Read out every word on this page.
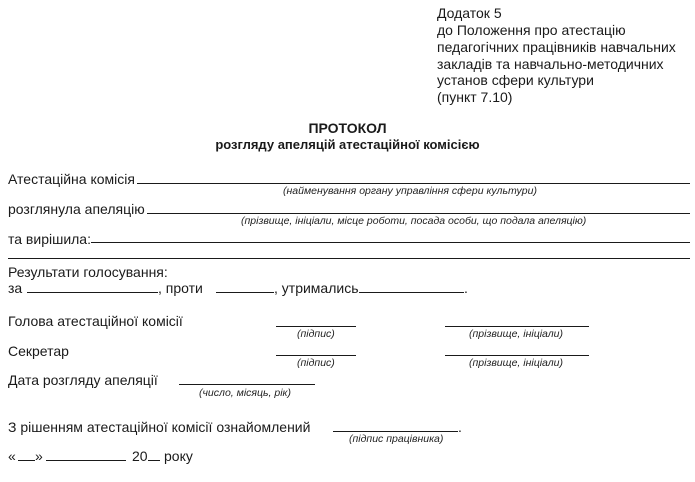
Додаток 5
до Положення про атестацію
педагогічних працівників навчальних
закладів та навчально-методичних
установ сфери культури
(пункт 7.10)
ПРОТОКОЛ
розгляду апеляцій атестаційної комісією
Атестаційна комісія
(найменування органу управління сфери культури)
розглянула апеляцію
(прізвище, ініціали, місце роботи, посада особи, що подала апеляцію)
та вирішила:
Результати голосування:
за	, проти	, утримались	.
Голова атестаційної комісії
(підпис)	(прізвище, ініціали)
Секретар
(підпис)	(прізвище, ініціали)
Дата розгляду апеляції
(число, місяць, рік)
З рішенням атестаційної комісії ознайомлений	.
(підпис працівника)
« »	20 року
